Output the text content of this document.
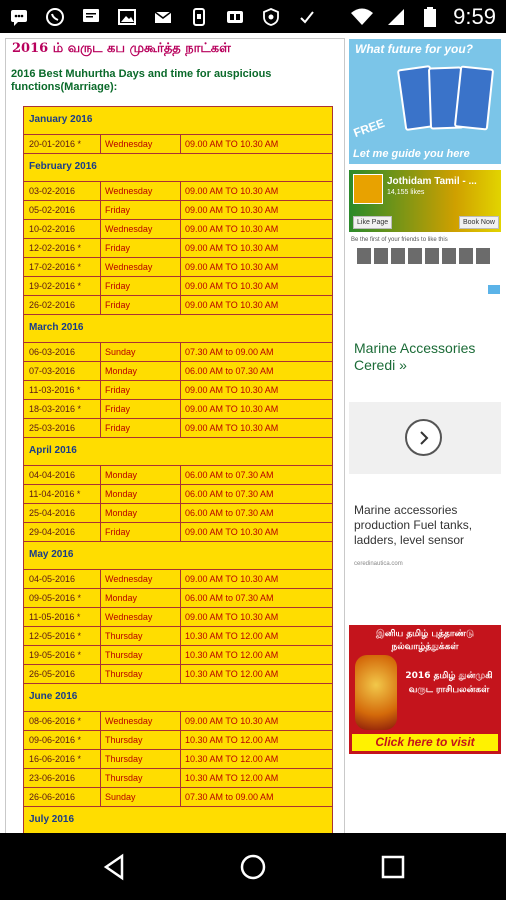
9:59
2016 ம் வருட கப முகூர்த்த நாட்கள்
2016 Best Muhurtha Days and time for auspicious functions(Marriage):
January 2016
20-01-2016 *	Wednesday	09.00 AM TO 10.30 AM
February 2016
03-02-2016	Wednesday	09.00 AM TO 10.30 AM
05-02-2016	Friday	09.00 AM TO 10.30 AM
10-02-2016	Wednesday	09.00 AM TO 10.30 AM
12-02-2016 *	Friday	09.00 AM TO 10.30 AM
17-02-2016 *	Wednesday	09.00 AM TO 10.30 AM
19-02-2016 *	Friday	09.00 AM TO 10.30 AM
26-02-2016	Friday	09.00 AM TO 10.30 AM
March 2016
06-03-2016	Sunday	07.30 AM to 09.00 AM
07-03-2016	Monday	06.00 AM to 07.30 AM
11-03-2016 *	Friday	09.00 AM TO 10.30 AM
18-03-2016 *	Friday	09.00 AM TO 10.30 AM
25-03-2016	Friday	09.00 AM TO 10.30 AM
April 2016
04-04-2016	Monday	06.00 AM to 07.30 AM
11-04-2016 *	Monday	06.00 AM to 07.30 AM
25-04-2016	Monday	06.00 AM to 07.30 AM
29-04-2016	Friday	09.00 AM TO 10.30 AM
May 2016
04-05-2016	Wednesday	09.00 AM TO 10.30 AM
09-05-2016 *	Monday	06.00 AM to 07.30 AM
11-05-2016 *	Wednesday	09.00 AM TO 10.30 AM
12-05-2016 *	Thursday	10.30 AM TO 12.00 AM
19-05-2016 *	Thursday	10.30 AM TO 12.00 AM
26-05-2016	Thursday	10.30 AM TO 12.00 AM
June 2016
08-06-2016 *	Wednesday	09.00 AM TO 10.30 AM
09-06-2016 *	Thursday	10.30 AM TO 12.00 AM
16-06-2016 *	Thursday	10.30 AM TO 12.00 AM
23-06-2016	Thursday	10.30 AM TO 12.00 AM
26-06-2016	Sunday	07.30 AM to 09.00 AM
July 2016
What future for you?
FREE
Let me guide you here
Jothidam Tamil - ...
14,155 likes
Like Page	Book Now
Be the first of your friends to like this
Marine Accessories Ceredi »
Marine accessories production Fuel tanks, ladders, level sensor
ceredinautica.com
இனிய தமிழ் புத்தாண்டு நல்வாழ்த்துக்கள்
2016 தமிழ் துன்முகி வருட ராசிபலன்கள்
Click here to visit
